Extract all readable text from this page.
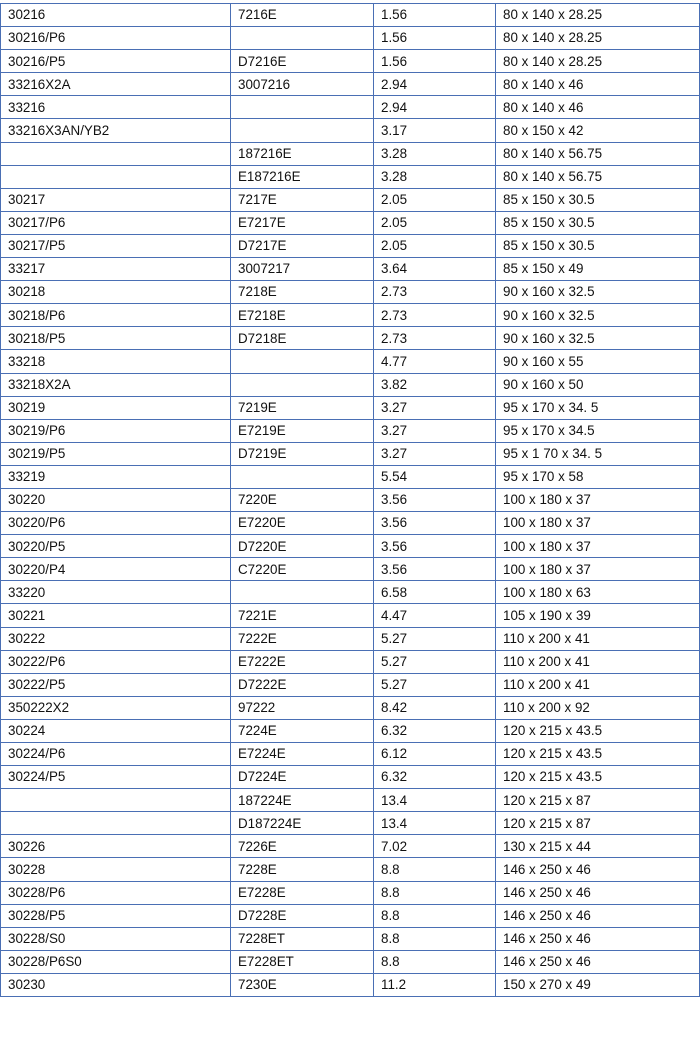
30216	7216E	1.56	80 x 140 x 28.25
30216/P6		1.56	80 x 140 x 28.25
30216/P5	D7216E	1.56	80 x 140 x 28.25
33216X2A	3007216	2.94	80 x 140 x 46
33216		2.94	80 x 140 x 46
33216X3AN/YB2		3.17	80 x 150 x 42
	187216E	3.28	80 x 140 x 56.75
	E187216E	3.28	80 x 140 x 56.75
30217	7217E	2.05	85 x 150 x 30.5
30217/P6	E7217E	2.05	85 x 150 x 30.5
30217/P5	D7217E	2.05	85 x 150 x 30.5
33217	3007217	3.64	85 x 150 x 49
30218	7218E	2.73	90 x 160 x 32.5
30218/P6	E7218E	2.73	90 x 160 x 32.5
30218/P5	D7218E	2.73	90 x 160 x 32.5
33218		4.77	90 x 160 x 55
33218X2A		3.82	90 x 160 x 50
30219	7219E	3.27	95 x 170 x 34. 5
30219/P6	E7219E	3.27	95 x 170 x 34.5
30219/P5	D7219E	3.27	95 x 1 70 x 34. 5
33219		5.54	95 x 170 x 58
30220	7220E	3.56	100 x 180 x 37
30220/P6	E7220E	3.56	100 x 180 x 37
30220/P5	D7220E	3.56	100 x 180 x 37
30220/P4	C7220E	3.56	100 x 180 x 37
33220		6.58	100 x 180 x 63
30221	7221E	4.47	105 x 190 x 39
30222	7222E	5.27	110 x 200 x 41
30222/P6	E7222E	5.27	110 x 200 x 41
30222/P5	D7222E	5.27	110 x 200 x 41
350222X2	97222	8.42	110 x 200 x 92
30224	7224E	6.32	120 x 215 x 43.5
30224/P6	E7224E	6.12	120 x 215 x 43.5
30224/P5	D7224E	6.32	120 x 215 x 43.5
	187224E	13.4	120 x 215 x 87
	D187224E	13.4	120 x 215 x 87
30226	7226E	7.02	130 x 215 x 44
30228	7228E	8.8	146 x 250 x 46
30228/P6	E7228E	8.8	146 x 250 x 46
30228/P5	D7228E	8.8	146 x 250 x 46
30228/S0	7228ET	8.8	146 x 250 x 46
30228/P6S0	E7228ET	8.8	146 x 250 x 46
30230	7230E	11.2	150 x 270 x 49
